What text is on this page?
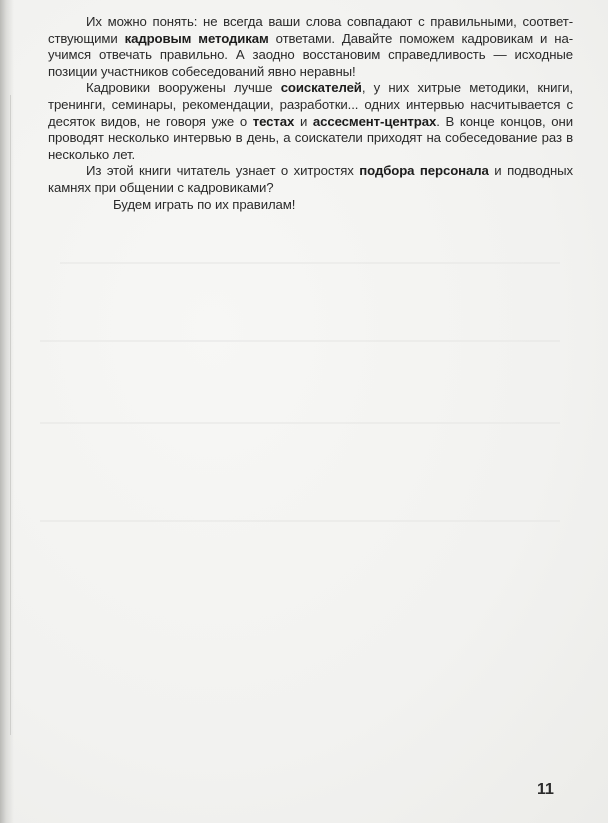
Их можно понять: не всегда ваши слова совпадают с правильными, соответ-ствующими кадровым методикам ответами. Давайте поможем кадровикам и на-учимся отвечать правильно. А заодно восстановим справедливость — исходные позиции участников собеседований явно неравны!

Кадровики вооружены лучше соискателей, у них хитрые методики, книги, тренинги, семинары, рекомендации, разработки... одних интервью насчитывается с десяток видов, не говоря уже о тестах и ассесмент-центрах. В конце концов, они проводят несколько интервью в день, а соискатели приходят на собеседование раз в несколько лет.

Из этой книги читатель узнает о хитростях подбора персонала и подводных камнях при общении с кадровиками?

Будем играть по их правилам!

11
